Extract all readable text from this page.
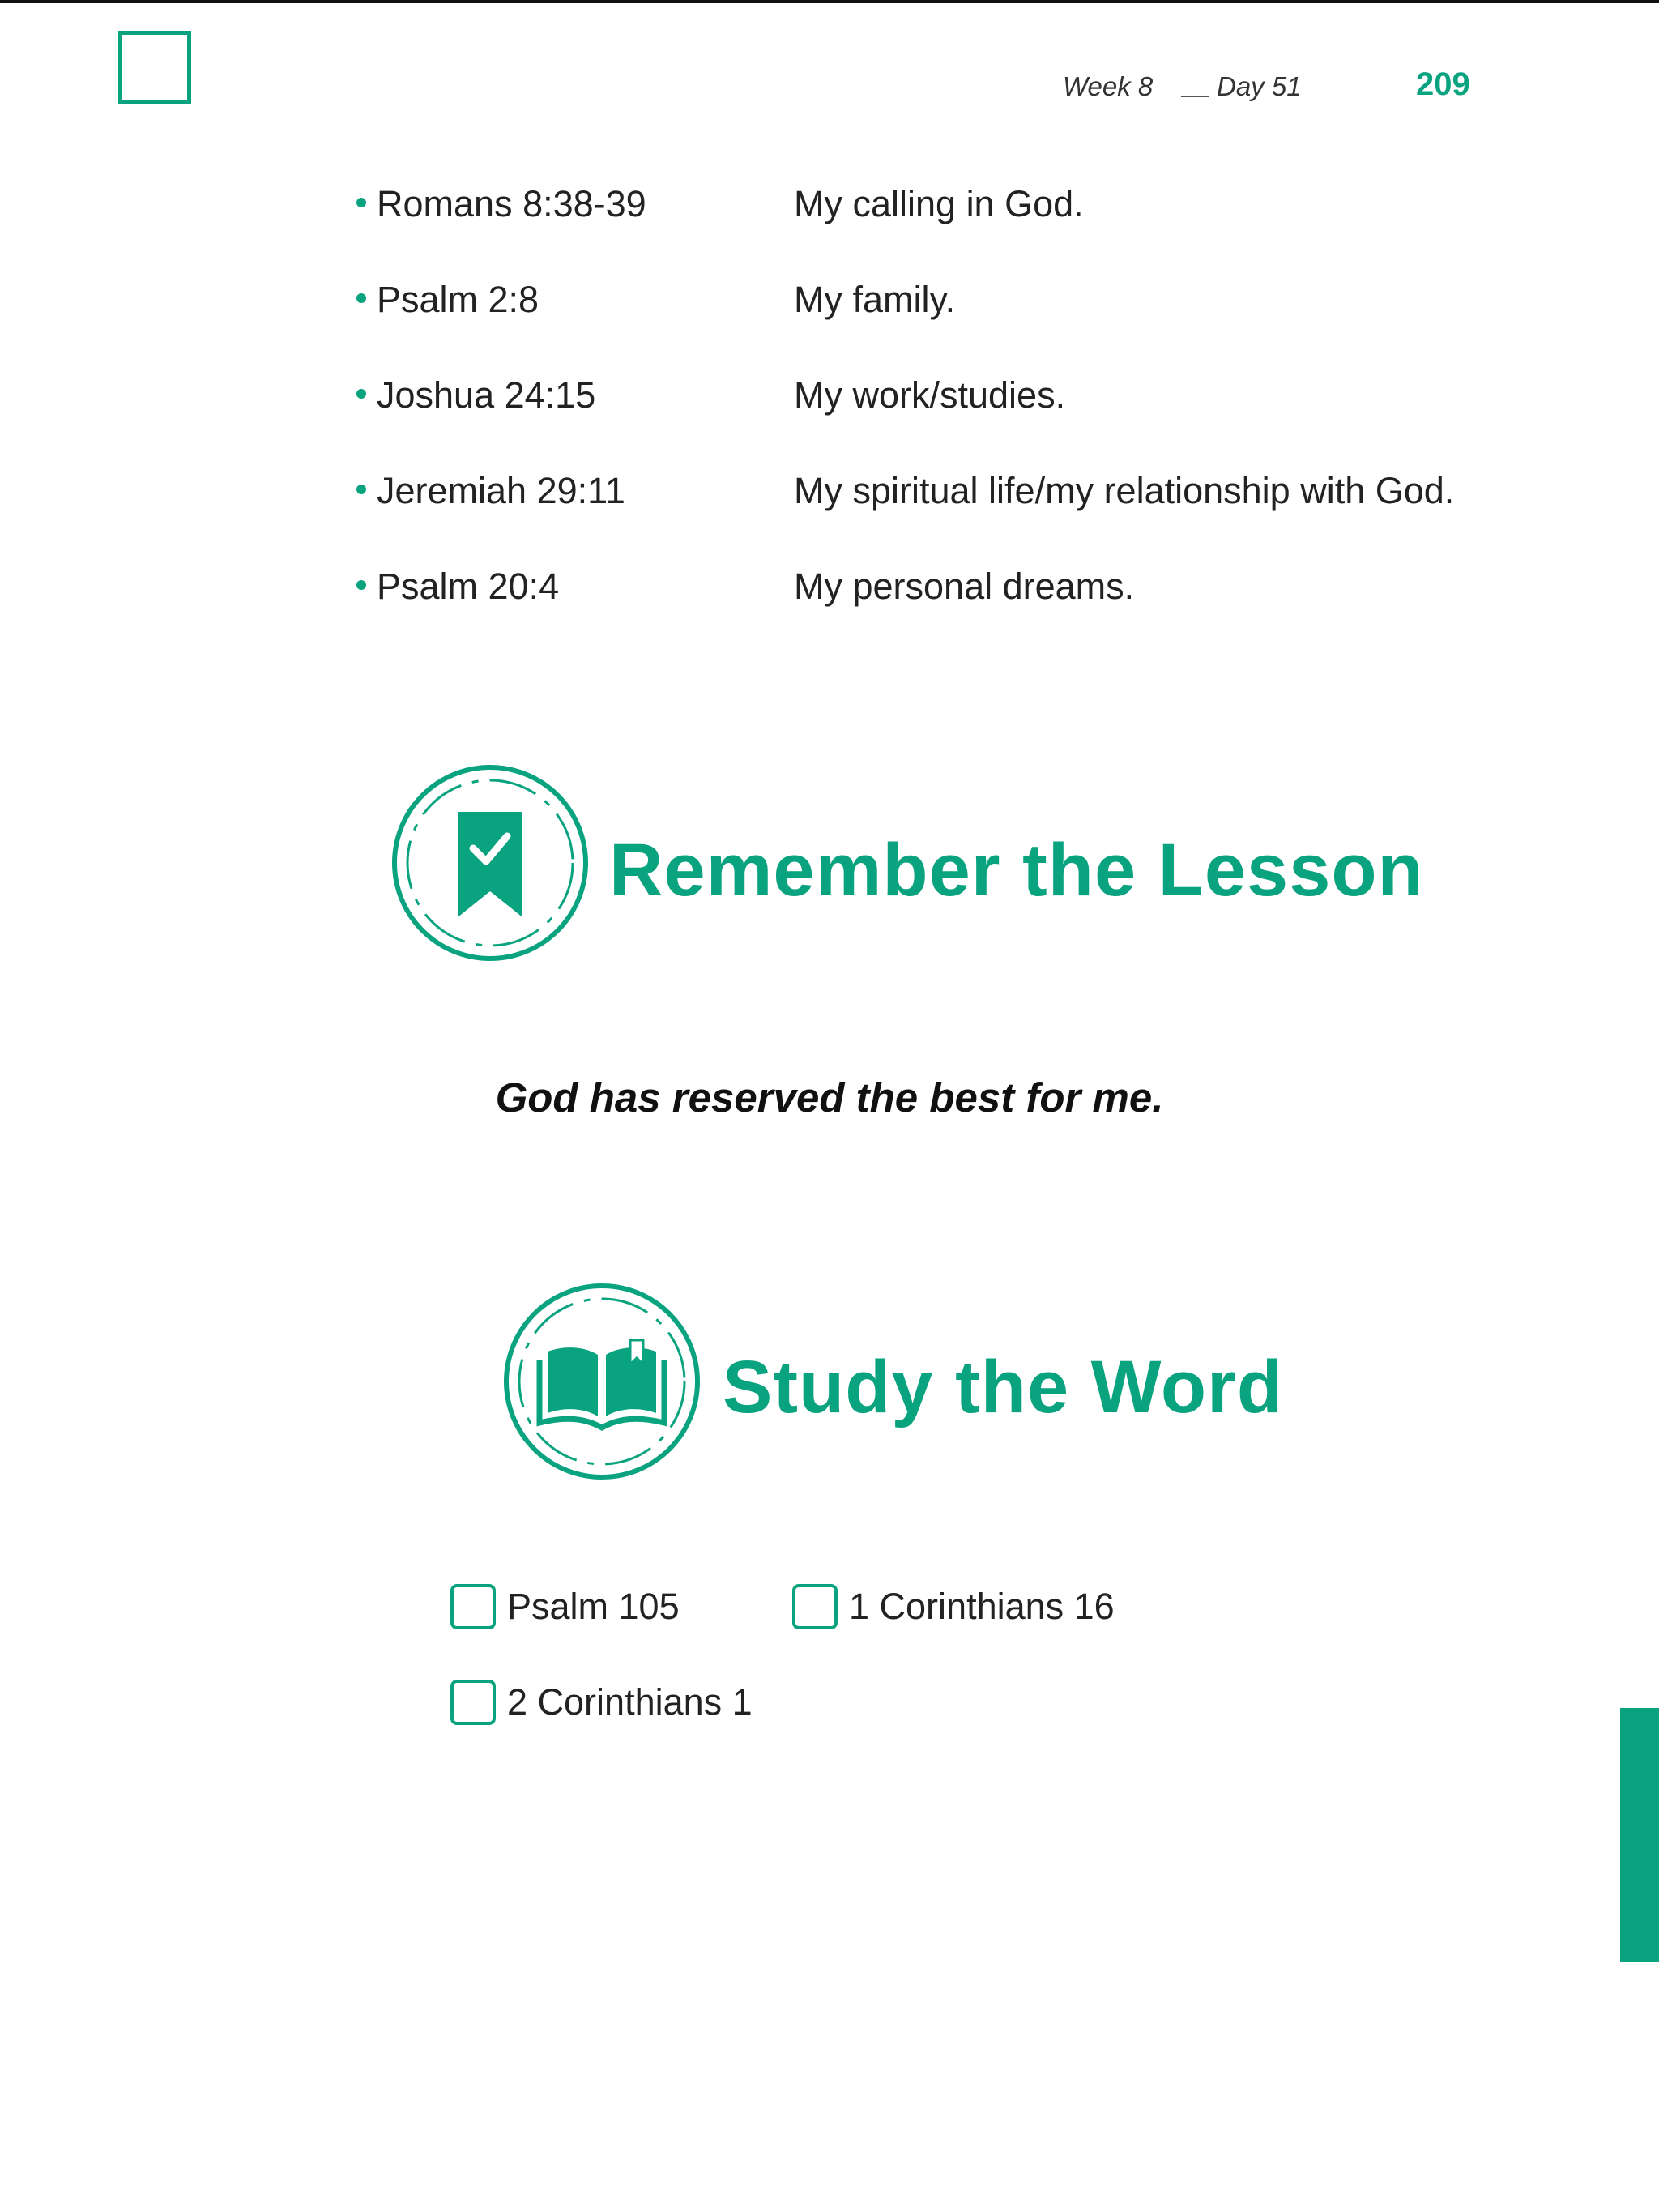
Week 8 Day 51	209
Romans 8:38-39	My calling in God.
Psalm 2:8	My family.
Joshua 24:15	My work/studies.
Jeremiah 29:11	My spiritual life/my relationship with God.
Psalm 20:4	My personal dreams.
Remember the Lesson
God has reserved the best for me.
Study the Word
Psalm 105	1 Corinthians 16
2 Corinthians 1
